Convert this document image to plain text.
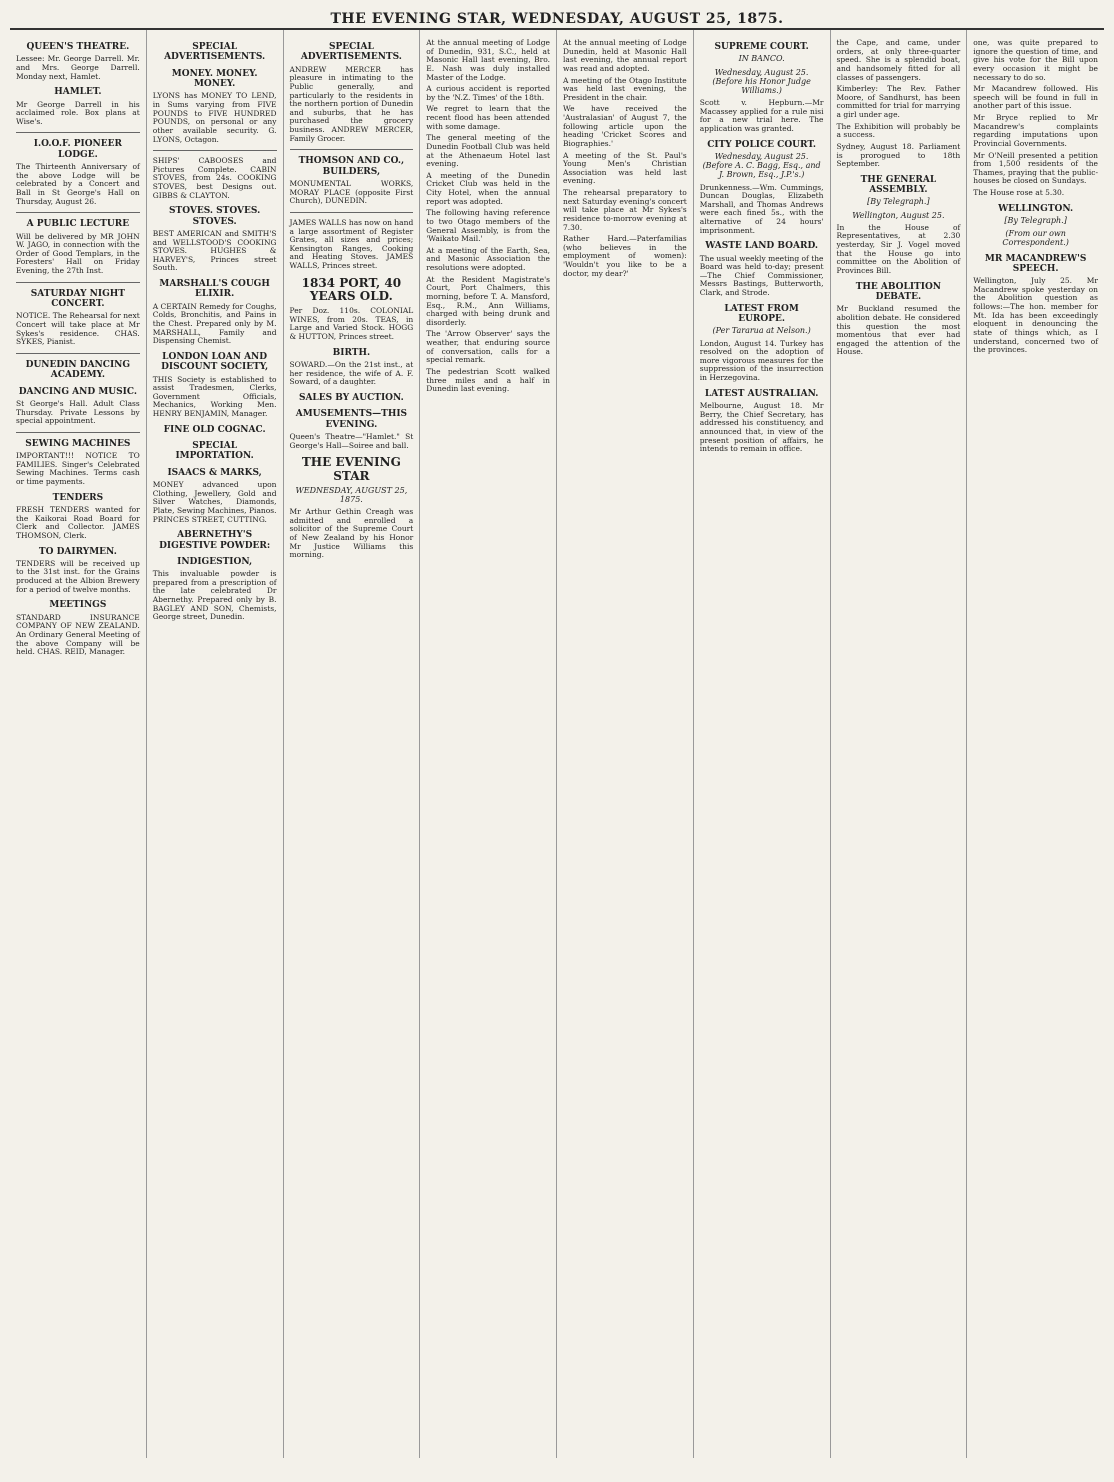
THE EVENING STAR, WEDNESDAY, AUGUST 25, 1875.
QUEEN'S THEATRE.
Lessee: Mr. George Darrell. Mr. and Mrs. George Darrell. Monday next, Hamlet.
HAMLET.
Mr George Darrell in his acclaimed role. Box plans at Wise's.
I.O.O.F. PIONEER LODGE.
The Thirteenth Anniversary of the above Lodge will be celebrated by a Concert and Ball in St George's Hall on Thursday, August 26.
A PUBLIC LECTURE
Will be delivered by MR JOHN W. JAGO, in connection with the Order of Good Templars, in the Foresters' Hall on Friday Evening, the 27th Inst.
SATURDAY NIGHT CONCERT.
NOTICE. The Rehearsal for next Concert will take place at Mr Sykes's residence. CHAS. SYKES, Pianist.
DUNEDIN DANCING ACADEMY.
DANCING AND MUSIC.
St George's Hall. Adult Class Thursday. Private Lessons by special appointment.
SEWING MACHINES
IMPORTANT!!! NOTICE TO FAMILIES. Singer's Celebrated Sewing Machines. Terms cash or time payments.
TENDERS
FRESH TENDERS wanted for the Kaikorai Road Board for Clerk and Collector. JAMES THOMSON, Clerk.
TO DAIRYMEN.
TENDERS will be received up to the 31st inst. for the Grains produced at the Albion Brewery for a period of twelve months.
MEETINGS
STANDARD INSURANCE COMPANY OF NEW ZEALAND. An Ordinary General Meeting of the above Company will be held. CHAS. REID, Manager.
SPECIAL ADVERTISEMENTS.
MONEY. MONEY. MONEY.
LYONS has MONEY TO LEND, in Sums varying from FIVE POUNDS to FIVE HUNDRED POUNDS, on personal or any other available security. G. LYONS, Octagon.
SHIPS' CABOOSES and Pictures Complete. CABIN STOVES, from 24s. COOKING STOVES, best Designs out. GIBBS & CLAYTON.
STOVES. STOVES. STOVES.
BEST AMERICAN and SMITH'S and WELLSTOOD'S COOKING STOVES. HUGHES & HARVEY'S, Princes street South.
MARSHALL'S COUGH ELIXIR.
A CERTAIN Remedy for Coughs, Colds, Bronchitis, and Pains in the Chest. Prepared only by M. MARSHALL, Family and Dispensing Chemist.
LONDON LOAN AND DISCOUNT SOCIETY,
THIS Society is established to assist Tradesmen, Clerks, Government Officials, Mechanics, Working Men. HENRY BENJAMIN, Manager.
FINE OLD COGNAC.
SPECIAL IMPORTATION.
ISAACS & MARKS,
MONEY advanced upon Clothing, Jewellery, Gold and Silver Watches, Diamonds, Plate, Sewing Machines, Pianos. PRINCES STREET, CUTTING.
ABERNETHY'S DIGESTIVE POWDER:
INDIGESTION,
This invaluable powder is prepared from a prescription of the late celebrated Dr Abernethy. Prepared only by B. BAGLEY AND SON, Chemists, George street, Dunedin.
SPECIAL ADVERTISEMENTS.
ANDREW MERCER has pleasure in intimating to the Public generally, and particularly to the residents in the northern portion of Dunedin and suburbs, that he has purchased the grocery business. ANDREW MERCER, Family Grocer.
THOMSON AND CO., BUILDERS,
MONUMENTAL WORKS, MORAY PLACE (opposite First Church), DUNEDIN.
JAMES WALLS has now on hand a large assortment of Register Grates, all sizes and prices; Kensington Ranges, Cooking and Heating Stoves. JAMES WALLS, Princes street.
1834 PORT, 40 YEARS OLD.
Per Doz. 110s. COLONIAL WINES, from 20s. TEAS, in Large and Varied Stock. HOGG & HUTTON, Princes street.
BIRTH.
SOWARD.—On the 21st inst., at her residence, the wife of A. F. Soward, of a daughter.
SALES BY AUCTION.
AMUSEMENTS—THIS EVENING.
Queen's Theatre—"Hamlet." St George's Hall—Soiree and ball.
THE EVENING STAR
WEDNESDAY, AUGUST 25, 1875.
Mr Arthur Gethin Creagh was admitted and enrolled a solicitor of the Supreme Court of New Zealand by his Honor Mr Justice Williams this morning.
At the annual meeting of Lodge of Dunedin, 931, S.C., held at Masonic Hall last evening, Bro. E. Nash was duly installed Master of the Lodge.
A curious accident is reported by the 'N.Z. Times' of the 18th.
We regret to learn that the recent flood has been attended with some damage.
The general meeting of the Dunedin Football Club was held at the Athenaeum Hotel last evening.
A meeting of the Dunedin Cricket Club was held in the City Hotel, when the annual report was adopted.
The following having reference to two Otago members of the General Assembly, is from the 'Waikato Mail.'
At a meeting of the Earth, Sea, and Masonic Association the resolutions were adopted.
At the Resident Magistrate's Court, Port Chalmers, this morning, before T. A. Mansford, Esq., R.M., Ann Williams, charged with being drunk and disorderly.
The 'Arrow Observer' says the weather, that enduring source of conversation, calls for a special remark.
The pedestrian Scott walked three miles and a half in Dunedin last evening.
At the annual meeting of Lodge Dunedin, held at Masonic Hall last evening, the annual report was read and adopted.
A meeting of the Otago Institute was held last evening, the President in the chair.
We have received the 'Australasian' of August 7, the following article upon the heading 'Cricket Scores and Biographies.'
A meeting of the St. Paul's Young Men's Christian Association was held last evening.
The rehearsal preparatory to next Saturday evening's concert will take place at Mr Sykes's residence to-morrow evening at 7.30.
Rather Hard.—Paterfamilias (who believes in the employment of women): 'Wouldn't you like to be a doctor, my dear?'
SUPREME COURT.
IN BANCO.
Wednesday, August 25. (Before his Honor Judge Williams.)
Scott v. Hepburn.—Mr Macassey applied for a rule nisi for a new trial here. The application was granted.
CITY POLICE COURT.
Wednesday, August 25. (Before A. C. Bagg, Esq., and J. Brown, Esq., J.P.'s.)
Drunkenness.—Wm. Cummings, Duncan Douglas, Elizabeth Marshall, and Thomas Andrews were each fined 5s., with the alternative of 24 hours' imprisonment.
WASTE LAND BOARD.
The usual weekly meeting of the Board was held to-day; present—The Chief Commissioner, Messrs Bastings, Butterworth, Clark, and Strode.
LATEST FROM EUROPE.
(Per Tararua at Nelson.)
London, August 14. Turkey has resolved on the adoption of more vigorous measures for the suppression of the insurrection in Herzegovina.
LATEST AUSTRALIAN.
Melbourne, August 18. Mr Berry, the Chief Secretary, has addressed his constituency, and announced that, in view of the present position of affairs, he intends to remain in office.
the Cape, and came, under orders, at only three-quarter speed. She is a splendid boat, and handsomely fitted for all classes of passengers.
Kimberley: The Rev. Father Moore, of Sandhurst, has been committed for trial for marrying a girl under age.
The Exhibition will probably be a success.
Sydney, August 18. Parliament is prorogued to 18th September.
THE GENERAL ASSEMBLY.
[By Telegraph.]
Wellington, August 25.
In the House of Representatives, at 2.30 yesterday, Sir J. Vogel moved that the House go into committee on the Abolition of Provinces Bill.
THE ABOLITION DEBATE.
Mr Buckland resumed the abolition debate. He considered this question the most momentous that ever had engaged the attention of the House.
one, was quite prepared to ignore the question of time, and give his vote for the Bill upon every occasion it might be necessary to do so.
Mr Macandrew followed. His speech will be found in full in another part of this issue.
Mr Bryce replied to Mr Macandrew's complaints regarding imputations upon Provincial Governments.
Mr O'Neill presented a petition from 1,500 residents of the Thames, praying that the public-houses be closed on Sundays.
The House rose at 5.30.
WELLINGTON.
[By Telegraph.]
(From our own Correspondent.)
MR MACANDREW'S SPEECH.
Wellington, July 25. Mr Macandrew spoke yesterday on the Abolition question as follows:—The hon. member for Mt. Ida has been exceedingly eloquent in denouncing the state of things which, as I understand, concerned two of the provinces.
